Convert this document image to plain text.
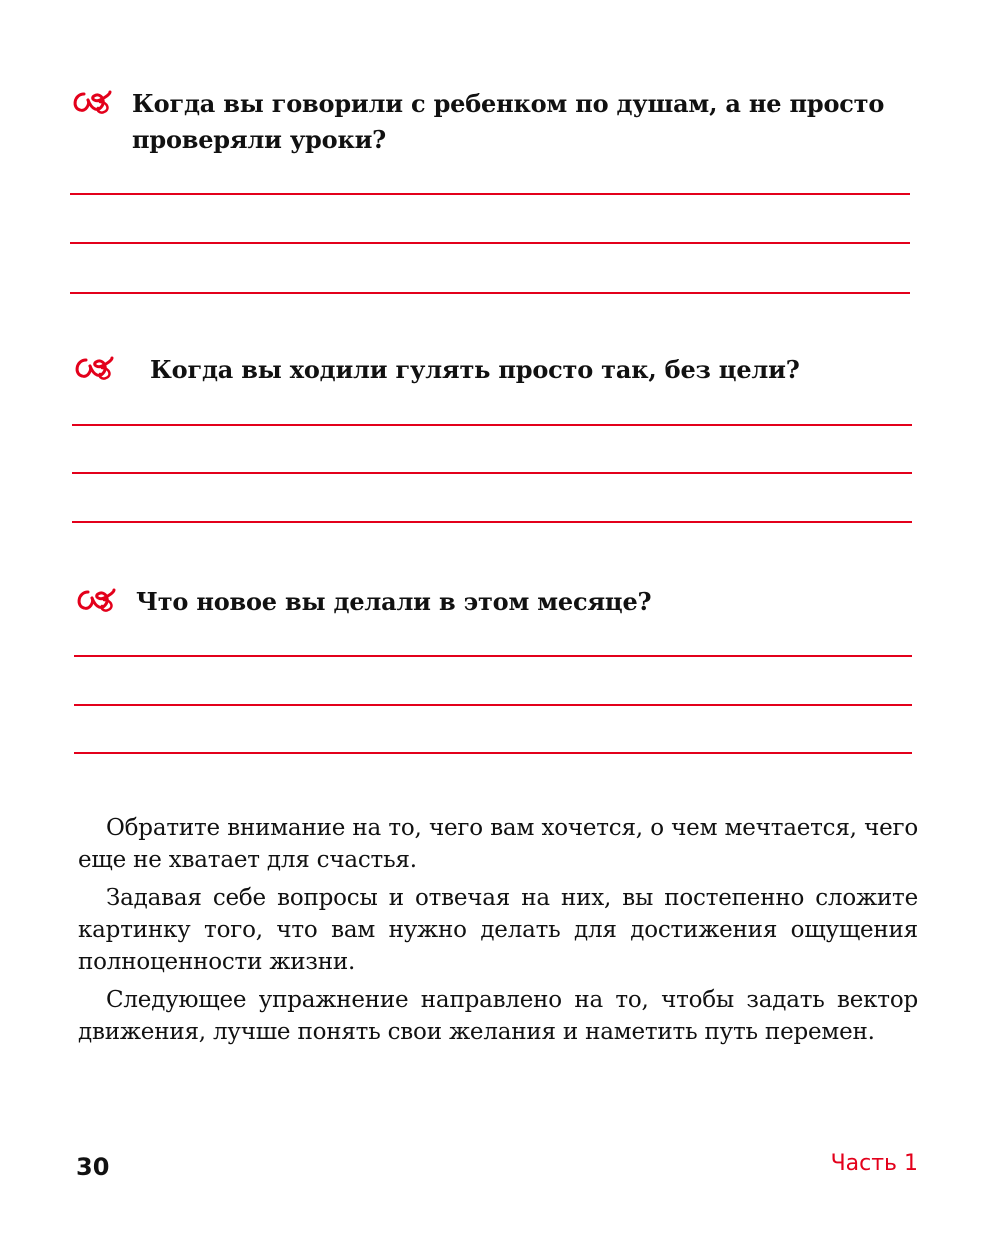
Когда вы говорили с ребенком по душам, а не просто проверяли уроки?
Когда вы ходили гулять просто так, без цели?
Что новое вы делали в этом месяце?

Обратите внимание на то, чего вам хочется, о чем мечтается, чего еще не хватает для счастья.

Задавая себе вопросы и отвечая на них, вы постепенно сложите картинку того, что вам нужно делать для достижения ощущения полноценности жизни.

Следующее упражнение направлено на то, чтобы задать вектор движения, лучше понять свои желания и наметить путь перемен.

30	Часть 1
